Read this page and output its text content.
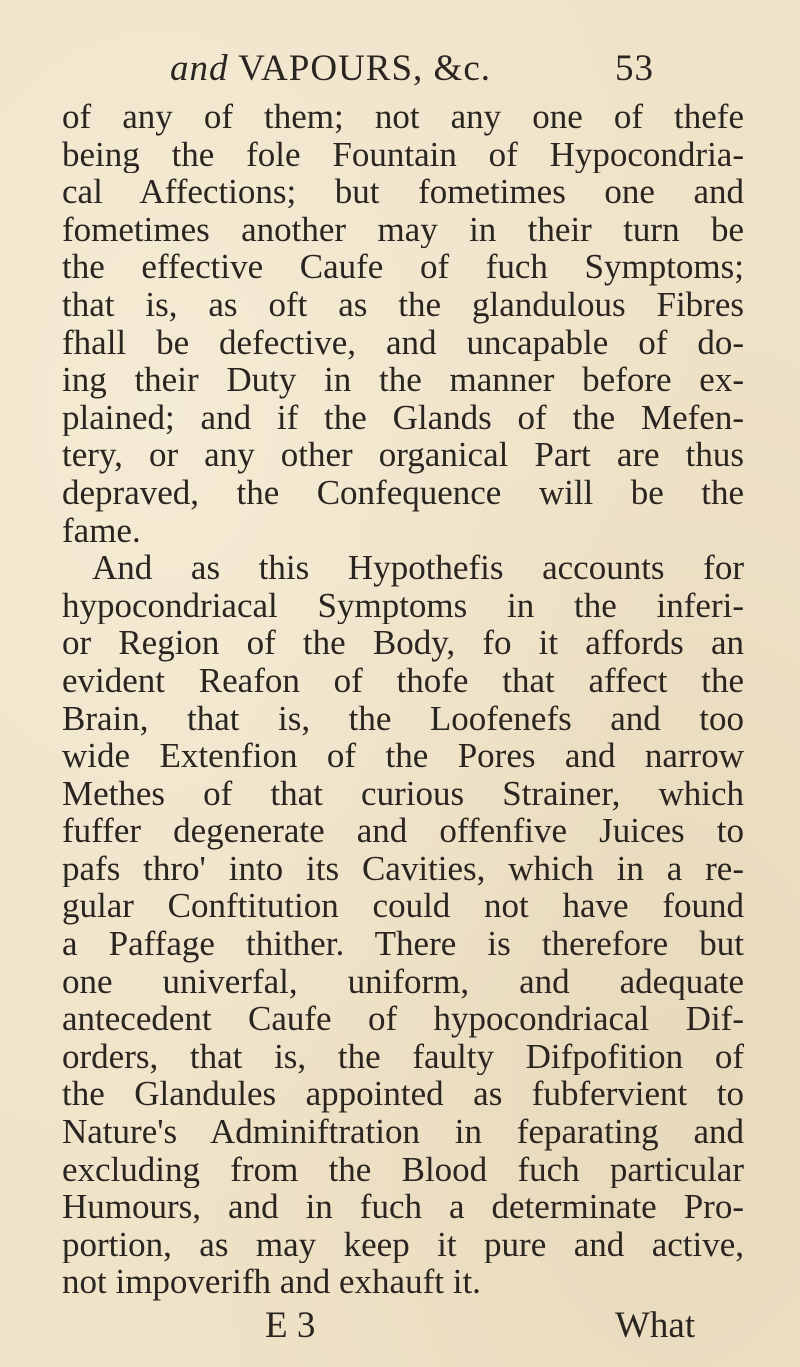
and VAPOURS, &c.	53
of any of them; not any one of thefe
being the fole Fountain of Hypocondria-
cal Affections; but fometimes one and
fometimes another may in their turn be
the effective Caufe of fuch Symptoms;
that is, as oft as the glandulous Fibres
fhall be defective, and uncapable of do-
ing their Duty in the manner before ex-
plained; and if the Glands of the Mefen-
tery, or any other organical Part are thus
depraved, the Confequence will be the
fame.
And as this Hypothefis accounts for
hypocondriacal Symptoms in the inferi-
or Region of the Body, fo it affords an
evident Reafon of thofe that affect the
Brain, that is, the Loofenefs and too
wide Extenfion of the Pores and narrow
Methes of that curious Strainer, which
fuffer degenerate and offenfive Juices to
pafs thro' into its Cavities, which in a re-
gular Conftitution could not have found
a Paffage thither. There is therefore but
one univerfal, uniform, and adequate
antecedent Caufe of hypocondriacal Dif-
orders, that is, the faulty Difpofition of
the Glandules appointed as fubfervient to
Nature's Adminiftration in feparating and
excluding from the Blood fuch particular
Humours, and in fuch a determinate Pro-
portion, as may keep it pure and active,
not impoverifh and exhauft it.
E 3	What
